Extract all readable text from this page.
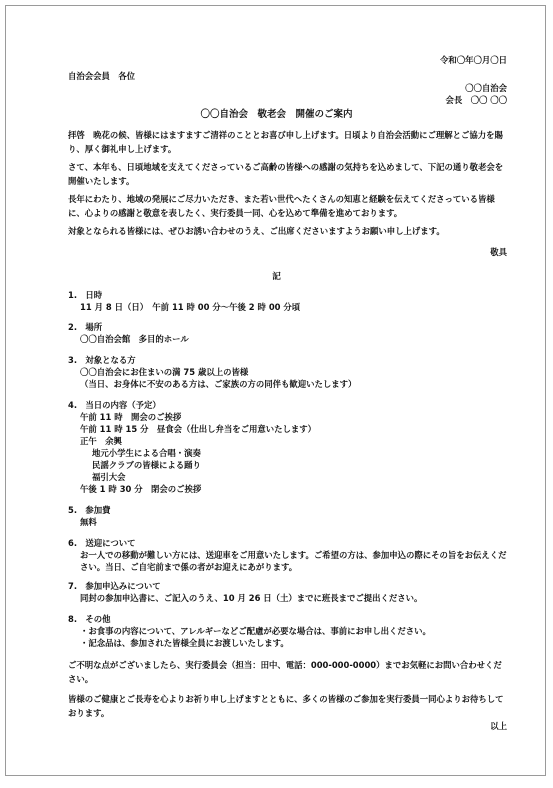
令和〇年〇月〇日
自治会会員　各位
〇〇自治会
会長　〇〇 〇〇
〇〇自治会　敬老会　開催のご案内
拝啓　晩花の候、皆様にはますますご清祥のこととお喜び申し上げます。日頃より自治会活動にご理解とご協力を賜り、厚く御礼申し上げます。
さて、本年も、日頃地域を支えてくださっているご高齢の皆様への感謝の気持ちを込めまして、下記の通り敬老会を開催いたします。
長年にわたり、地域の発展にご尽力いただき、また若い世代へたくさんの知恵と経験を伝えてくださっている皆様に、心よりの感謝と敬意を表したく、実行委員一同、心を込めて準備を進めております。
対象となられる皆様には、ぜひお誘い合わせのうえ、ご出席くださいますようお願い申し上げます。
敬具
記
1.　日時
11 月 8 日（日）　午前 11 時 00 分～午後 2 時 00 分頃
2.　場所
〇〇自治会館　多目的ホール
3.　対象となる方
〇〇自治会にお住まいの満 75 歳以上の皆様
（当日、お身体に不安のある方は、ご家族の方の同伴も歓迎いたします）
4.　当日の内容（予定）
午前 11 時　開会のご挨拶
午前 11 時 15 分　昼食会（仕出し弁当をご用意いたします）
正午　余興
地元小学生による合唱・演奏
民謡クラブの皆様による踊り
福引大会
午後 1 時 30 分　閉会のご挨拶
5.　参加費
無料
6.　送迎について
お一人での移動が難しい方には、送迎車をご用意いたします。ご希望の方は、参加申込の際にその旨をお伝えください。当日、ご自宅前まで係の者がお迎えにあがります。
7.　参加申込みについて
同封の参加申込書に、ご記入のうえ、10 月 26 日（土）までに班長までご提出ください。
8.　その他
・お食事の内容について、アレルギーなどご配慮が必要な場合は、事前にお申し出ください。
・記念品は、参加された皆様全員にお渡しいたします。
ご不明な点がございましたら、実行委員会（担当：田中、電話：000-000-0000）までお気軽にお問い合わせください。
皆様のご健康とご長寿を心よりお祈り申し上げますとともに、多くの皆様のご参加を実行委員一同心よりお待ちしております。
以上
